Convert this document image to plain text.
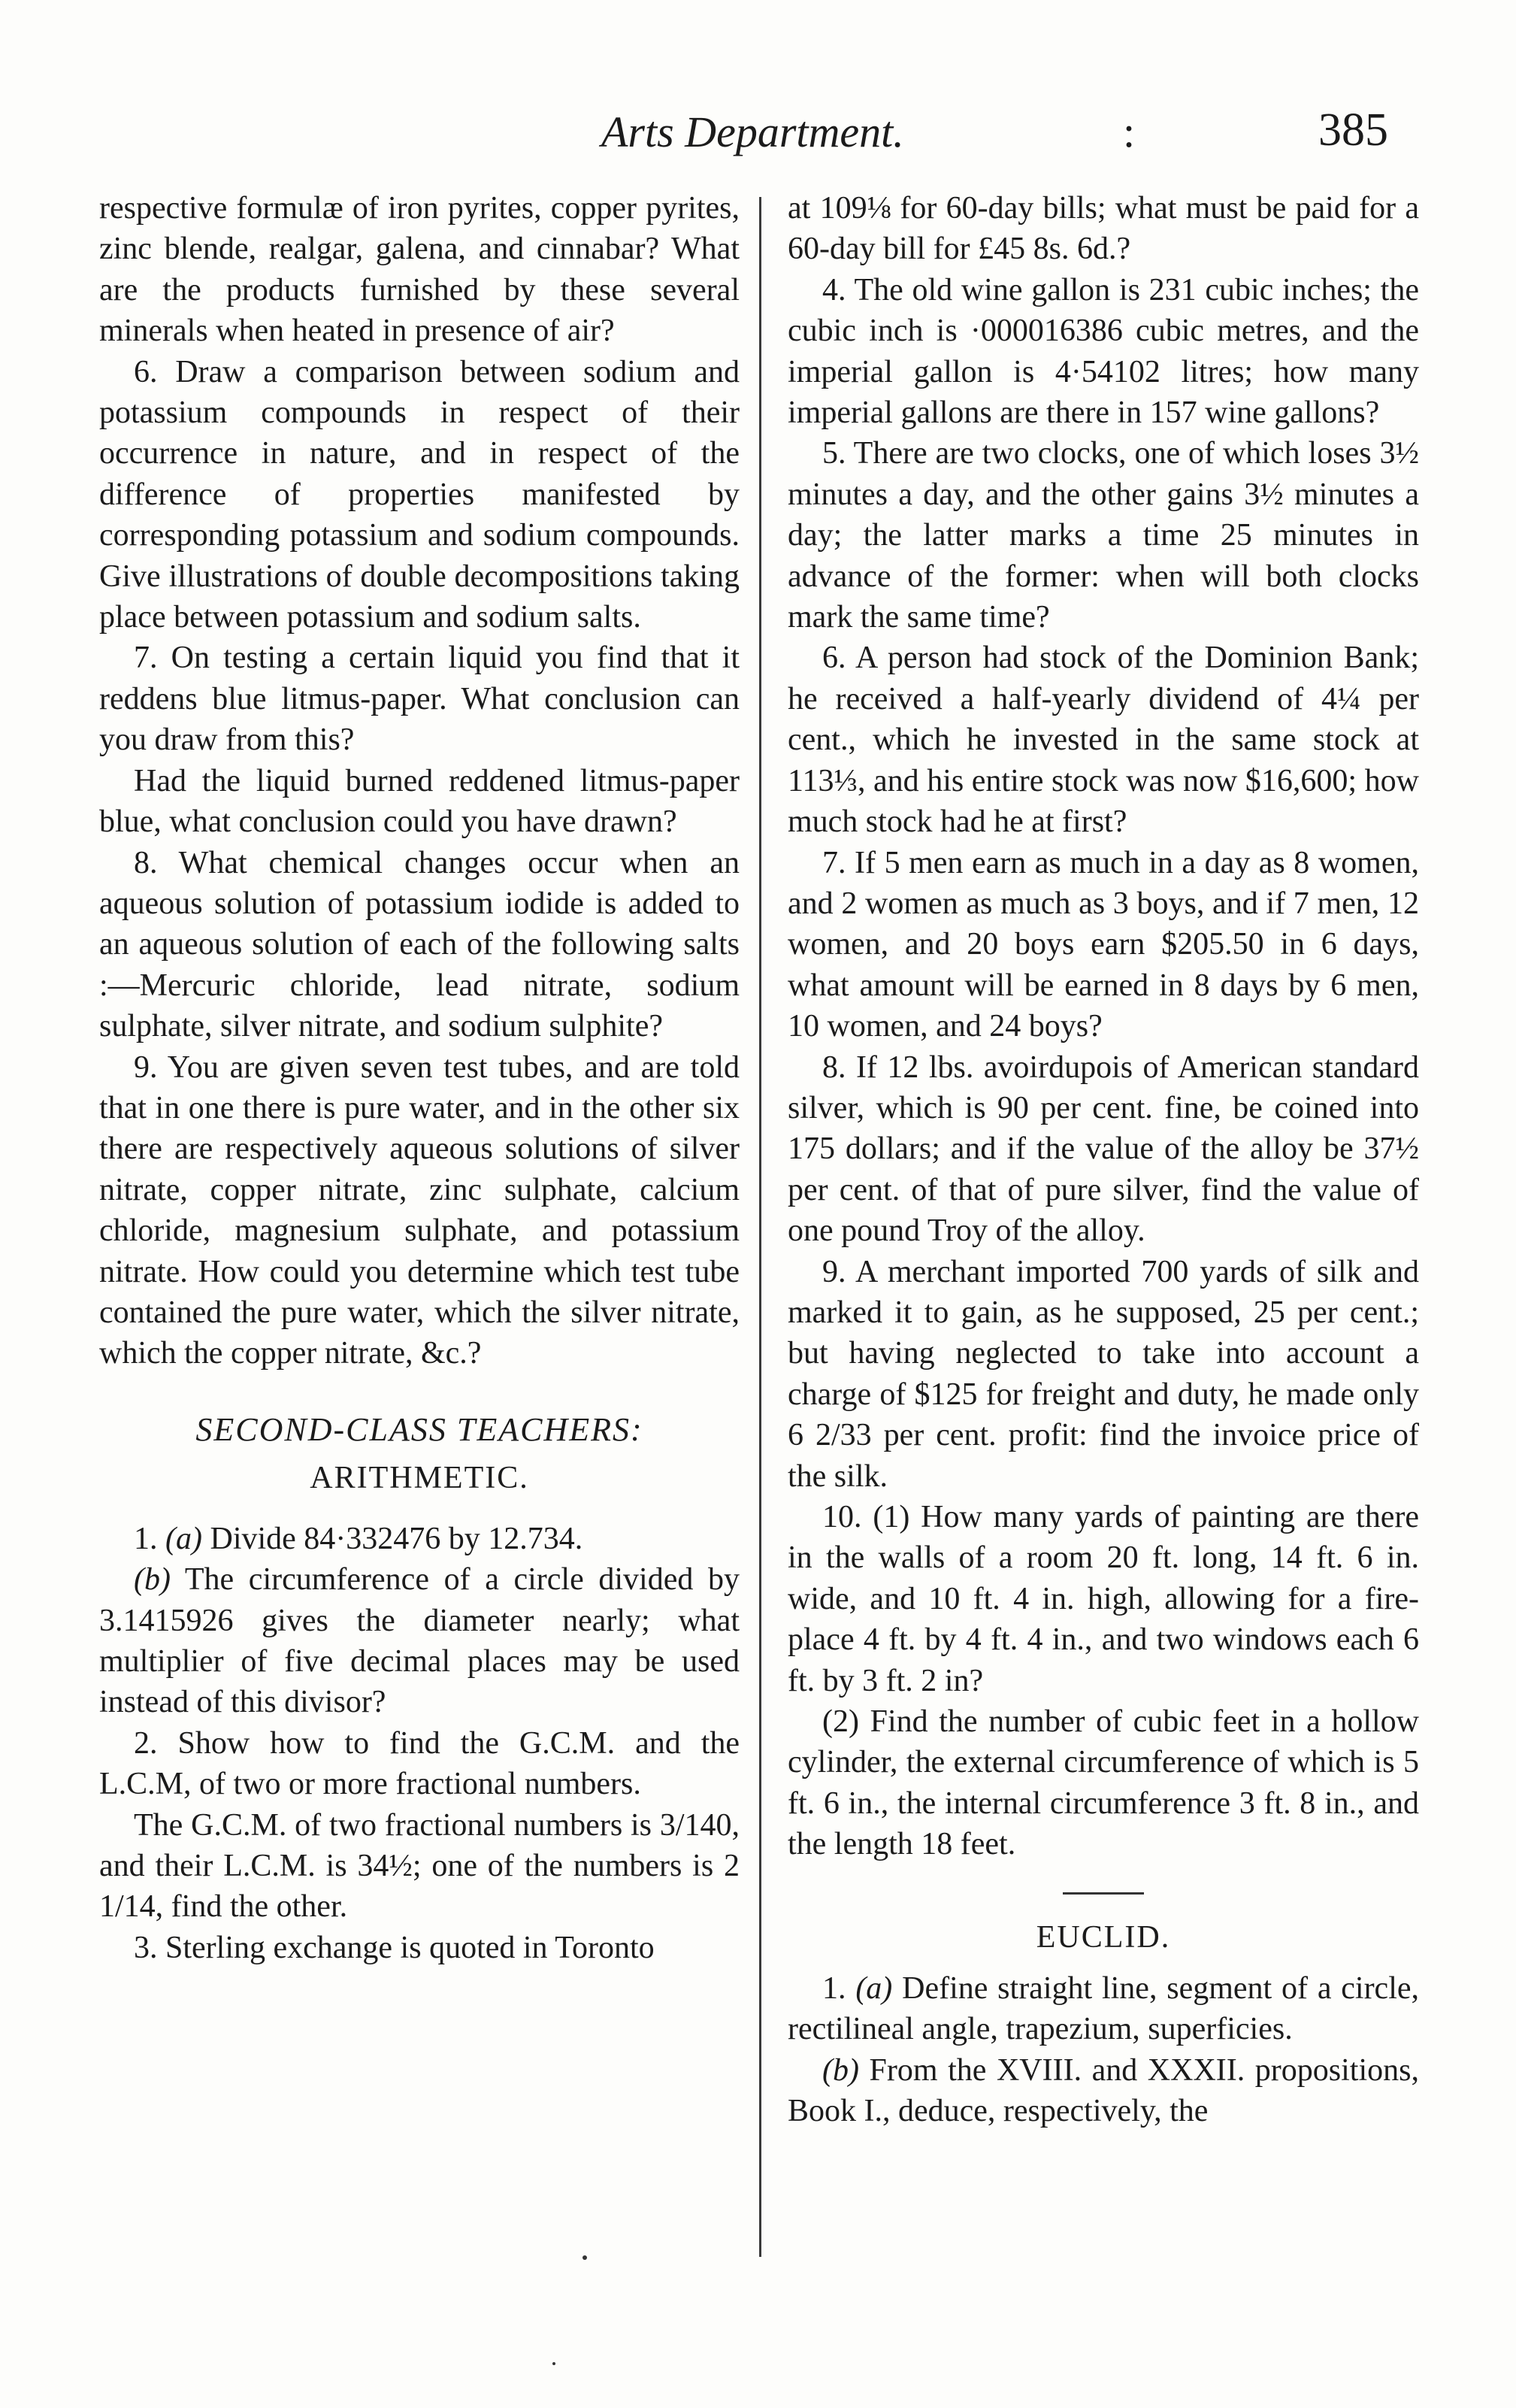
Arts Department.	:	385

respective formulæ of iron pyrites, copper pyrites, zinc blende, realgar, galena, and cinnabar? What are the products furnished by these several minerals when heated in presence of air?

6. Draw a comparison between sodium and potassium compounds in respect of their occurrence in nature, and in respect of the difference of properties manifested by corresponding potassium and sodium compounds. Give illustrations of double decompositions taking place between potassium and sodium salts.

7. On testing a certain liquid you find that it reddens blue litmus-paper. What conclusion can you draw from this?

Had the liquid burned reddened litmus-paper blue, what conclusion could you have drawn?

8. What chemical changes occur when an aqueous solution of potassium iodide is added to an aqueous solution of each of the following salts :—Mercuric chloride, lead nitrate, sodium sulphate, silver nitrate, and sodium sulphite?

9. You are given seven test tubes, and are told that in one there is pure water, and in the other six there are respectively aqueous solutions of silver nitrate, copper nitrate, zinc sulphate, calcium chloride, magnesium sulphate, and potassium nitrate. How could you determine which test tube contained the pure water, which the silver nitrate, which the copper nitrate, &c.?

SECOND-CLASS TEACHERS:
ARITHMETIC.

1. (a) Divide 84·332476 by 12.734.

(b) The circumference of a circle divided by 3.1415926 gives the diameter nearly; what multiplier of five decimal places may be used instead of this divisor?

2. Show how to find the G.C.M. and the L.C.M, of two or more fractional numbers.

The G.C.M. of two fractional numbers is 3/140, and their L.C.M. is 34½; one of the numbers is 2 1/14, find the other.

3. Sterling exchange is quoted in Toronto

at 109⅛ for 60-day bills; what must be paid for a 60-day bill for £45 8s. 6d.?

4. The old wine gallon is 231 cubic inches; the cubic inch is ·000016386 cubic metres, and the imperial gallon is 4·54102 litres; how many imperial gallons are there in 157 wine gallons?

5. There are two clocks, one of which loses 3½ minutes a day, and the other gains 3½ minutes a day; the latter marks a time 25 minutes in advance of the former: when will both clocks mark the same time?

6. A person had stock of the Dominion Bank; he received a half-yearly dividend of 4¼ per cent., which he invested in the same stock at 113⅓, and his entire stock was now $16,600; how much stock had he at first?

7. If 5 men earn as much in a day as 8 women, and 2 women as much as 3 boys, and if 7 men, 12 women, and 20 boys earn $205.50 in 6 days, what amount will be earned in 8 days by 6 men, 10 women, and 24 boys?

8. If 12 lbs. avoirdupois of American standard silver, which is 90 per cent. fine, be coined into 175 dollars; and if the value of the alloy be 37½ per cent. of that of pure silver, find the value of one pound Troy of the alloy.

9. A merchant imported 700 yards of silk and marked it to gain, as he supposed, 25 per cent.; but having neglected to take into account a charge of $125 for freight and duty, he made only 6 2/33 per cent. profit: find the invoice price of the silk.

10. (1) How many yards of painting are there in the walls of a room 20 ft. long, 14 ft. 6 in. wide, and 10 ft. 4 in. high, allowing for a fire-place 4 ft. by 4 ft. 4 in., and two windows each 6 ft. by 3 ft. 2 in?

(2) Find the number of cubic feet in a hollow cylinder, the external circumference of which is 5 ft. 6 in., the internal circumference 3 ft. 8 in., and the length 18 feet.

EUCLID.

1. (a) Define straight line, segment of a circle, rectilineal angle, trapezium, superficies.

(b) From the XVIII. and XXXII. propositions, Book I., deduce, respectively, the
